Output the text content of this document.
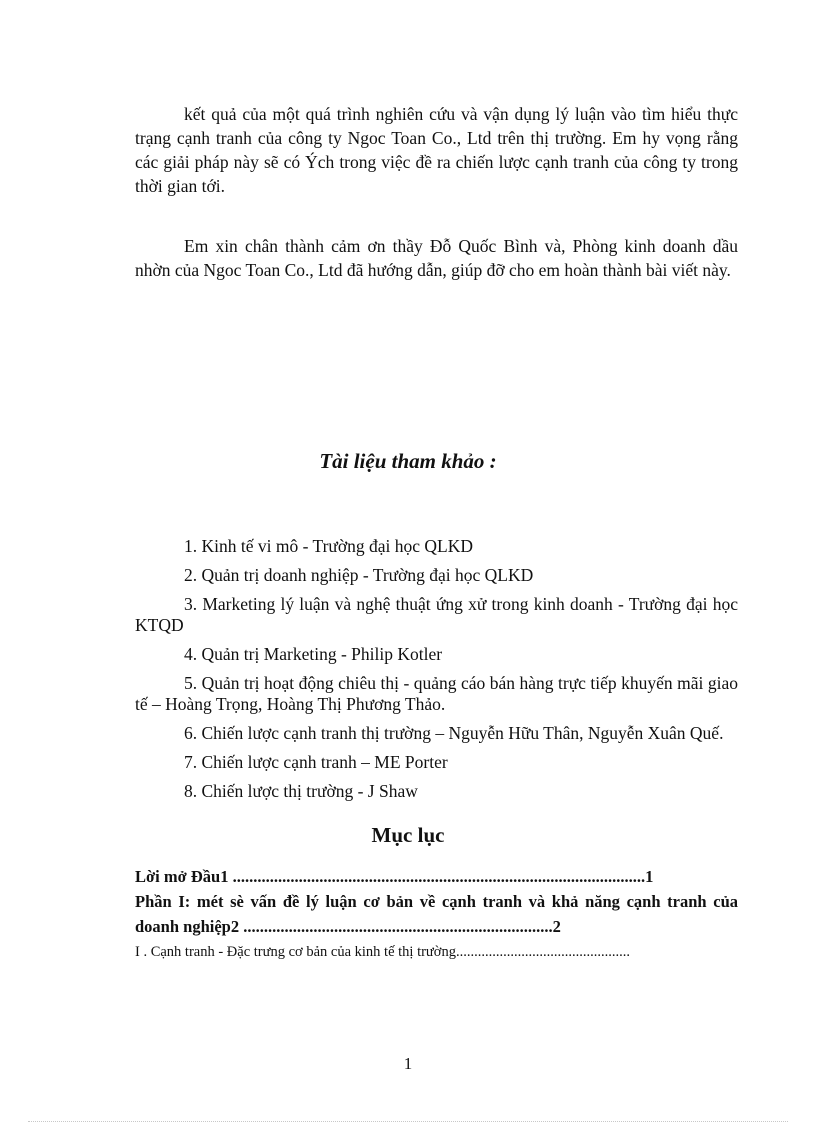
kết quả của một quá trình nghiên cứu và vận dụng lý luận vào tìm hiểu thực trạng cạnh tranh của công ty Ngoc Toan Co., Ltd trên thị trường. Em hy vọng rằng các giải pháp này sẽ có Ých trong việc đề ra chiến lược cạnh tranh của công ty trong thời gian tới.

Em xin chân thành cảm ơn thầy Đỗ Quốc Bình và, Phòng kinh doanh dầu nhờn của Ngoc Toan Co., Ltd đã hướng dẫn, giúp đỡ cho em hoàn thành bài viết này.

Tài liệu tham khảo :
1. Kinh tế vi mô - Trường đại học QLKD
2. Quản trị doanh nghiệp - Trường đại học QLKD
3. Marketing lý luận và nghệ thuật ứng xử trong kinh doanh - Trường đại học KTQD
4. Quản trị Marketing - Philip Kotler
5. Quản trị hoạt động chiêu thị - quảng cáo bán hàng trực tiếp khuyến mãi giao tế – Hoàng Trọng, Hoàng Thị Phương Thảo.
6. Chiến lược cạnh tranh thị trường – Nguyễn Hữu Thân, Nguyễn Xuân Quế.
7. Chiến lược cạnh tranh – ME Porter
8. Chiến lược thị trường - J Shaw
Mục lục

Lời mở Đầu1 ....................................................................................................1

Phần I: mét sè vấn đề lý luận cơ bản về cạnh tranh và khả năng cạnh tranh của doanh nghiệp2 ...........................................................................2

I . Cạnh tranh - Đặc trưng cơ bản của kinh tế thị trường................................................

1
